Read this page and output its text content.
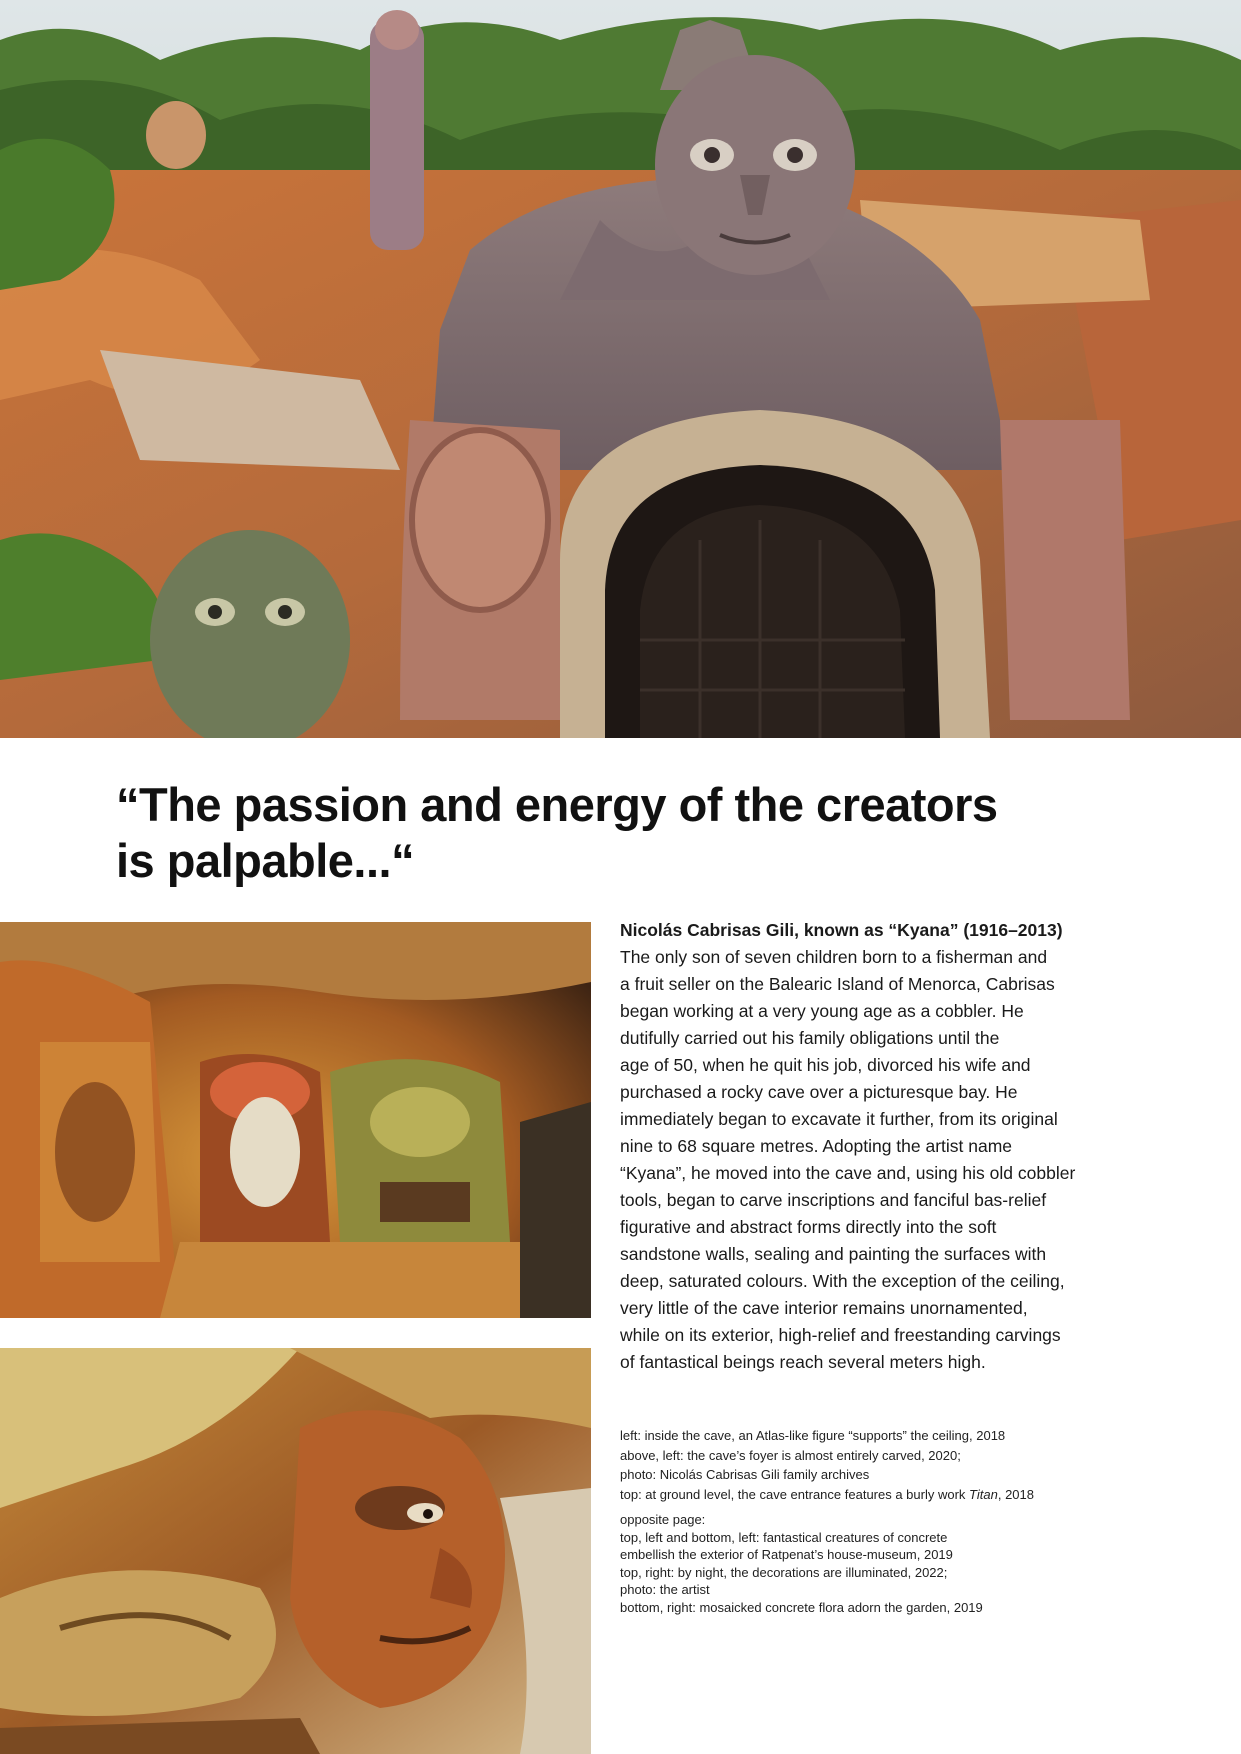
“The passion and energy of the creators
is palpable...“
Nicolás Cabrisas Gili, known as “Kyana” (1916–2013)
The only son of seven children born to a fisherman and
a fruit seller on the Balearic Island of Menorca, Cabrisas
began working at a very young age as a cobbler. He
dutifully carried out his family obligations until the
age of 50, when he quit his job, divorced his wife and
purchased a rocky cave over a picturesque bay. He
immediately began to excavate it further, from its original
nine to 68 square metres. Adopting the artist name
“Kyana”, he moved into the cave and, using his old cobbler
tools, began to carve inscriptions and fanciful bas-relief
figurative and abstract forms directly into the soft
sandstone walls, sealing and painting the surfaces with
deep, saturated colours. With the exception of the ceiling,
very little of the cave interior remains unornamented,
while on its exterior, high-relief and freestanding carvings
of fantastical beings reach several meters high.
left: inside the cave, an Atlas-like figure “supports” the ceiling, 2018
above, left: the cave’s foyer is almost entirely carved, 2020;
photo: Nicolás Cabrisas Gili family archives
top: at ground level, the cave entrance features a burly work Titan, 2018
opposite page:
top, left and bottom, left: fantastical creatures of concrete
embellish the exterior of Ratpenat’s house-museum, 2019
top, right: by night, the decorations are illuminated, 2022;
photo: the artist
bottom, right: mosaicked concrete flora adorn the garden, 2019
